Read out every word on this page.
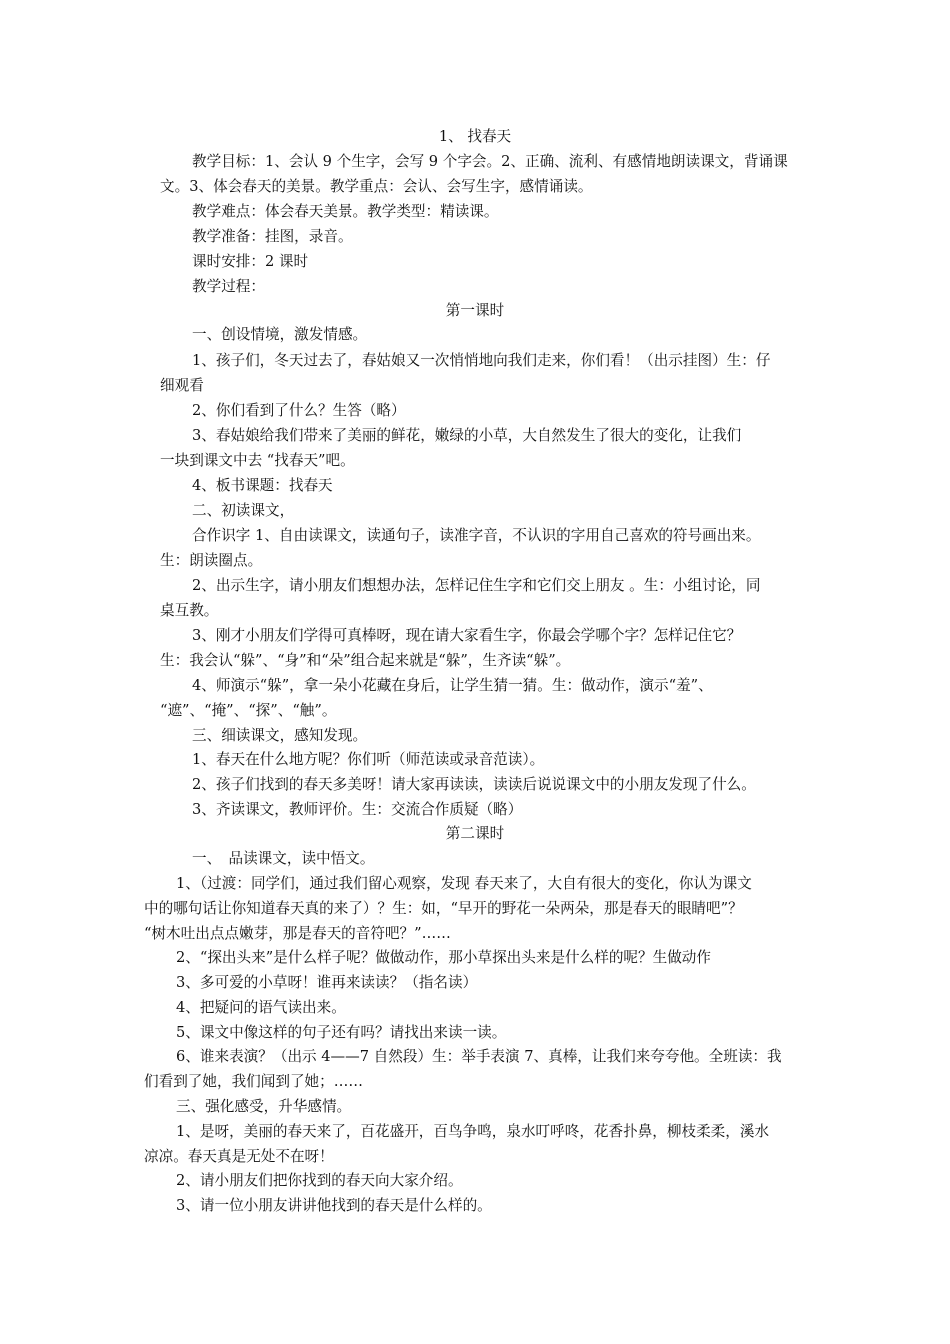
1、 找春天
教学目标：1、会认 9 个生字，会写 9 个字会。2、正确、流利、有感情地朗读课文，背诵课
文。3、体会春天的美景。教学重点：会认、会写生字，感情诵读。
教学难点：体会春天美景。教学类型：精读课。
教学准备：挂图，录音。
课时安排：2 课时
教学过程：
第一课时
一、创设情境，激发情感。
1、孩子们，冬天过去了，春姑娘又一次悄悄地向我们走来，你们看！（出示挂图）生：仔
细观看
2、你们看到了什么？生答（略）
3、春姑娘给我们带来了美丽的鲜花，嫩绿的小草，大自然发生了很大的变化，让我们
一块到课文中去 “找春天”吧。
4、板书课题：找春天
二、初读课文，
合作识字 1、自由读课文，读通句子，读准字音，不认识的字用自己喜欢的符号画出来。
生：朗读圈点。
2、出示生字，请小朋友们想想办法，怎样记住生字和它们交上朋友 。生：小组讨论，同
桌互教。
3、刚才小朋友们学得可真棒呀，现在请大家看生字，你最会学哪个字？怎样记住它？
生：我会认“躲”、“身”和“朵”组合起来就是“躲”，生齐读“躲”。
4、师演示“躲”，拿一朵小花藏在身后，让学生猜一猜。生：做动作，演示“羞”、
“遮”、“掩”、“探”、“触”。
三、细读课文，感知发现。
1、春天在什么地方呢？你们听（师范读或录音范读）。
2、孩子们找到的春天多美呀！请大家再读读，读读后说说课文中的小朋友发现了什么。
3、齐读课文，教师评价。生：交流合作质疑（略）
第二课时
一、　品读课文，读中悟文。
1、（过渡：同学们，通过我们留心观察，发现 春天来了，大自有很大的变化，你认为课文
中的哪句话让你知道春天真的来了）？生：如，“早开的野花一朵两朵，那是春天的眼睛吧”？
“树木吐出点点嫩芽，那是春天的音符吧？”……
2、“探出头来”是什么样子呢？做做动作，那小草探出头来是什么样的呢？生做动作
3、多可爱的小草呀！谁再来读读？（指名读）
4、把疑问的语气读出来。
5、课文中像这样的句子还有吗？请找出来读一读。
6、谁来表演？（出示 4——7 自然段）生：举手表演 7、真棒，让我们来夸夸他。全班读：我
们看到了她，我们闻到了她；……
三、强化感受，升华感情。
1、是呀，美丽的春天来了，百花盛开，百鸟争鸣，泉水叮呼咚，花香扑鼻，柳枝柔柔，溪水
凉凉。春天真是无处不在呀！
2、请小朋友们把你找到的春天向大家介绍。
3、请一位小朋友讲讲他找到的春天是什么样的。
